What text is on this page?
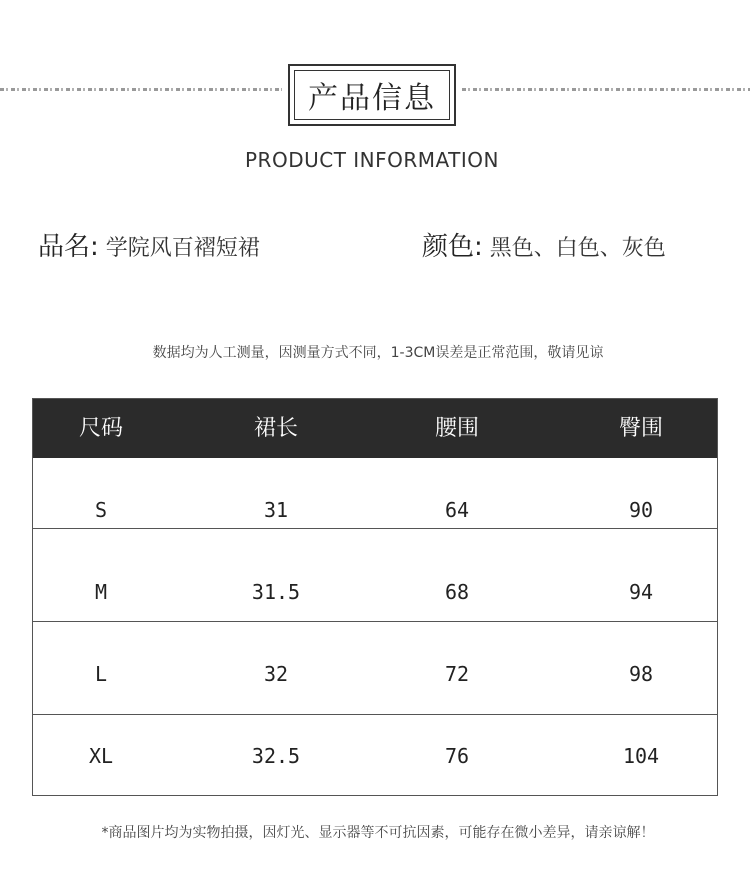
产品信息
PRODUCT INFORMATION
品名: 学院风百褶短裙	颜色: 黑色、白色、灰色
数据均为人工测量，因测量方式不同，1-3CM误差是正常范围，敬请见谅
尺码	裙长	腰围	臀围
S	31	64	90
M	31.5	68	94
L	32	72	98
XL	32.5	76	104
*商品图片均为实物拍摄，因灯光、显示器等不可抗因素，可能存在微小差异，请亲谅解！
